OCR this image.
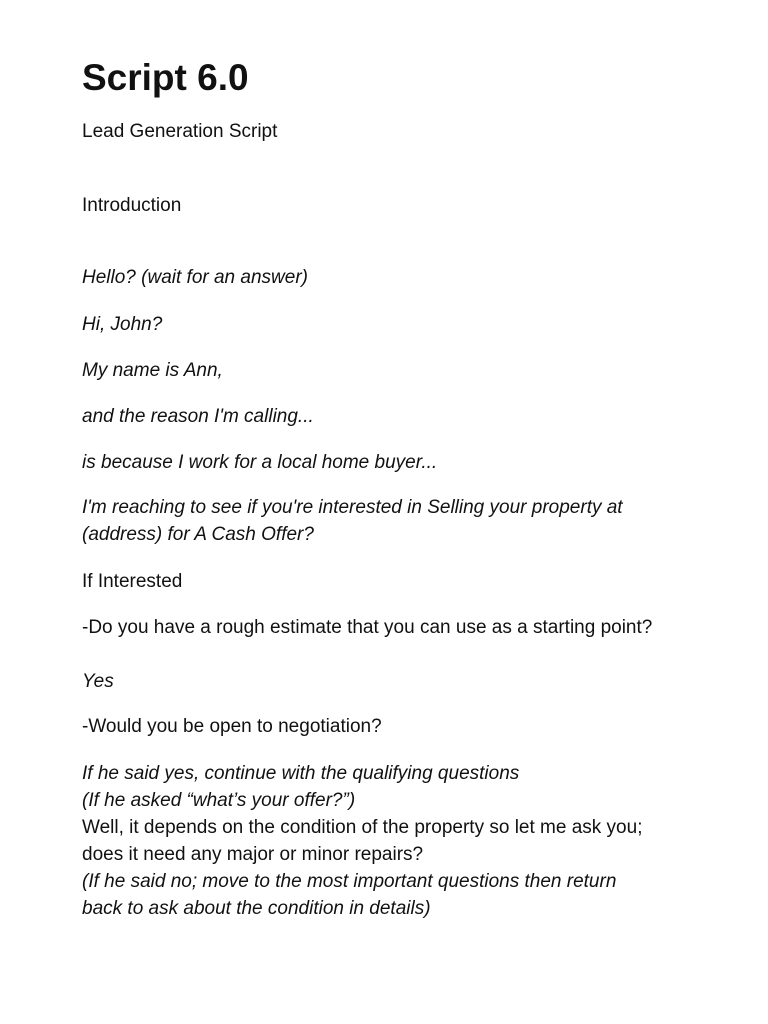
Script 6.0

Lead Generation Script

Introduction

Hello? (wait for an answer)

Hi, John?

My name is Ann,

and the reason I'm calling...

is because I work for a local home buyer...

I'm reaching to see if you're interested in Selling your property at
(address) for A Cash Offer?

If Interested

-Do you have a rough estimate that you can use as a starting point?

Yes

-Would you be open to negotiation?

If he said yes, continue with the qualifying questions
(If he asked “what’s your offer?”)
Well, it depends on the condition of the property so let me ask you;
does it need any major or minor repairs?
(If he said no; move to the most important questions then return
back to ask about the condition in details)
